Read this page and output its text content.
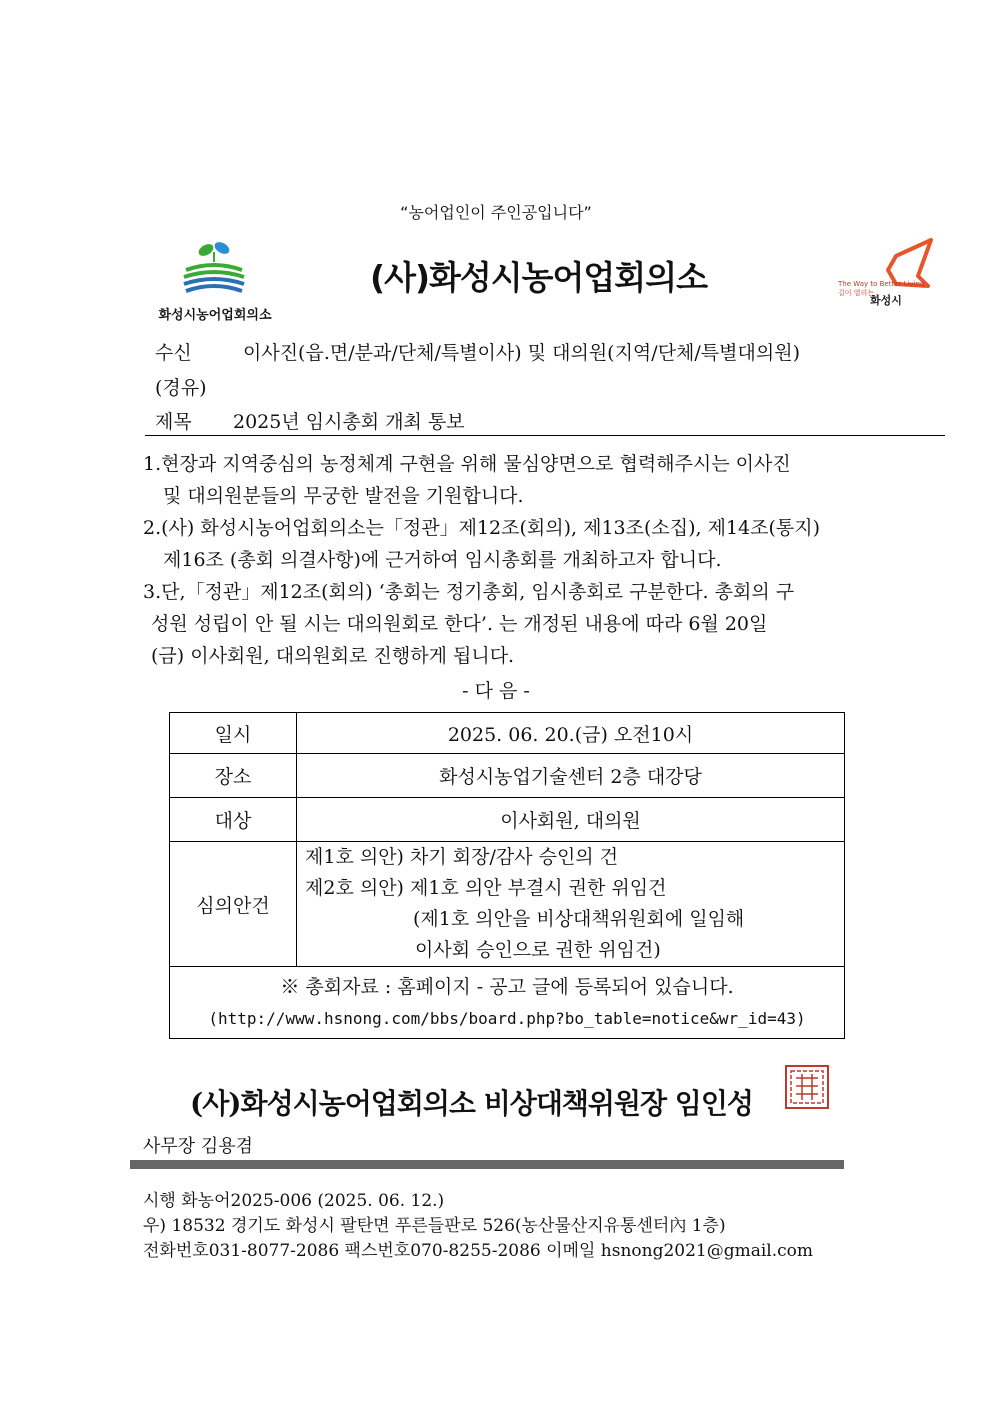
“농어업인이 주인공입니다”
화성시농어업회의소
(사)화성시농어업회의소	The Way to Better Living
길이 열리는
화성시
수신	이사진(읍.면/분과/단체/특별이사) 및 대의원(지역/단체/특별대의원)
(경유)
제목 2025년 임시총회 개최 통보
1.현장과 지역중심의 농정체계 구현을 위해 물심양면으로 협력해주시는 이사진
및 대의원분들의 무궁한 발전을 기원합니다.
2.(사) 화성시농어업회의소는「정관」제12조(회의), 제13조(소집), 제14조(통지)
제16조 (총회 의결사항)에 근거하여 임시총회를 개최하고자 합니다.
3.단,「정관」제12조(회의) ‘총회는 정기총회, 임시총회로 구분한다. 총회의 구
성원 성립이 안 될 시는 대의원회로 한다’. 는 개정된 내용에 따라 6월 20일
(금) 이사회원, 대의원회로 진행하게 됩니다.
- 다 음 -
일시	2025. 06. 20.(금) 오전10시
장소	화성시농업기술센터 2층 대강당
대상	이사회원, 대의원
심의안건	제1호 의안) 차기 회장/감사 승인의 건
제2호 의안) 제1호 의안 부결시 권한 위임건
(제1호 의안을 비상대책위원회에 일임해
이사회 승인으로 권한 위임건)

※ 총회자료 : 홈페이지 - 공고 글에 등록되어 있습니다.
(http://www.hsnong.com/bbs/board.php?bo_table=notice&wr_id=43)	
(사)화성시농어업회의소 비상대책위원장 임인성
사무장 김용겸
시행 화농어2025-006 (2025. 06. 12.)
우) 18532 경기도 화성시 팔탄면 푸른들판로 526(농산물산지유통센터內 1층)
전화번호031-8077-2086 팩스번호070-8255-2086 이메일 hsnong2021@gmail.com
